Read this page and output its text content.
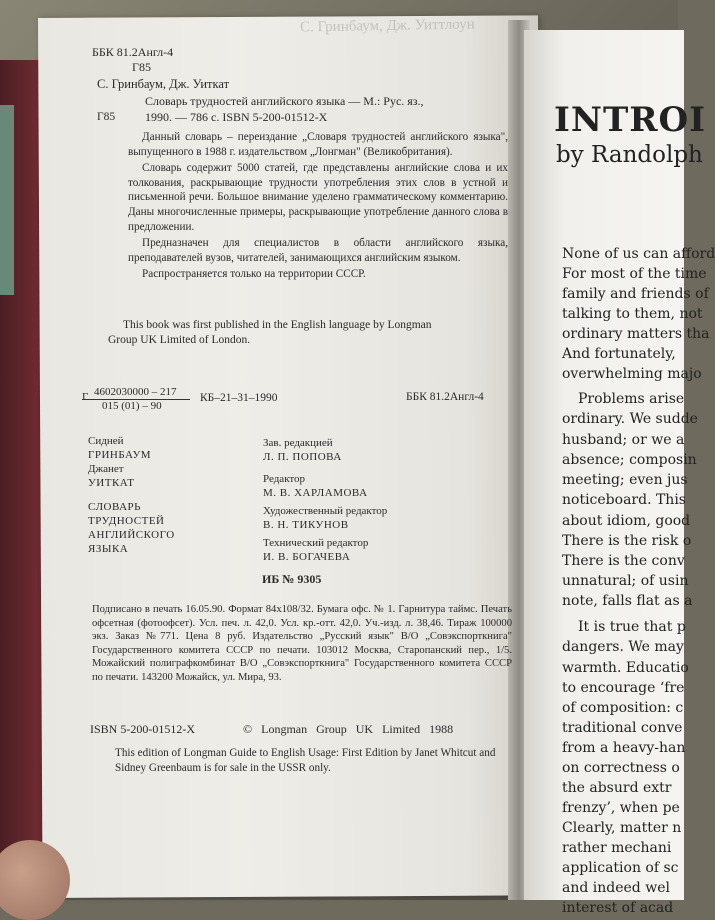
С. Гринбаум, Дж. Уиттлоун
ББК 81.2Англ-4
Г85
С. Гринбаум, Дж. Уиткат
Г85
Словарь трудностей английского языка — М.: Рус. яз.,
1990. — 786 с. ISBN 5-200-01512-X

Данный словарь – переиздание „Словаря трудностей английского языка", выпущенного в 1988 г. издательством „Лонгман" (Великобритания).

Словарь содержит 5000 статей, где представлены английские слова и их толкования, раскрывающие трудности употребления этих слов в устной и письменной речи. Большое внимание уделено грамматическому комментарию. Даны многочисленные примеры, раскрывающие употребление данного слова в предложении.

Предназначен для специалистов в области английского языка, преподавателей вузов, читателей, занимающихся английским языком.

Распространяется только на территории СССР.

This book was first published in the English language by Longman
Group UK Limited of London.
Г 4602030000 – 217
015 (01) – 90
КБ–21–31–1990	ББК 81.2Англ-4
Сидней
ГРИНБАУМ
Джанет
УИТКАТ
СЛОВАРЬ
ТРУДНОСТЕЙ
АНГЛИЙСКОГО
ЯЗЫКА
Зав. редакцией
Л. П. ПОПОВА
Редактор
М. В. ХАРЛАМОВА
Художественный редактор
В. Н. ТИКУНОВ
Технический редактор
И. В. БОГАЧЕВА
ИБ № 9305

Подписано в печать 16.05.90. Формат 84х108/32. Бумага офс. № 1. Гарнитура таймс. Печать офсетная (фотоофсет). Усл. печ. л. 42,0. Усл. кр.-отт. 42,0. Уч.-изд. л. 38,46. Тираж 100000 экз. Заказ №771. Цена 8 руб. Издательство „Русский язык" В/О „Совэкспорткнига" Государственного комитета СССР по печати. 103012 Москва, Старопанский пер., 1/5. Можайский полиграфкомбинат В/О „Совэкспорткнига" Государственного комитета СССР по печати. 143200 Можайск, ул. Мира, 93.

ISBN 5-200-01512-X	© Longman Group UK Limited 1988

This edition of Longman Guide to English Usage: First Edition by Janet Whitcut and Sidney Greenbaum is for sale in the USSR only.

INTROI
by Randolph
None of us can afford
For most of the time
family and friends of
talking to them, not
ordinary matters tha
And fortunately,
overwhelming majo
Problems arise
ordinary. We sudde
husband; or we a
absence; composin
meeting; even jus
noticeboard. This
about idiom, good
There is the risk o
There is the conv
unnatural; of usin
note, falls flat as a
It is true that p
dangers. We may
warmth. Educatio
to encourage ‘fre
of composition: c
traditional conve
from a heavy-han
on correctness o
the absurd extr
frenzy’, when pe
Clearly, matter n
rather mechani
application of sc
and indeed wel
interest of acad
